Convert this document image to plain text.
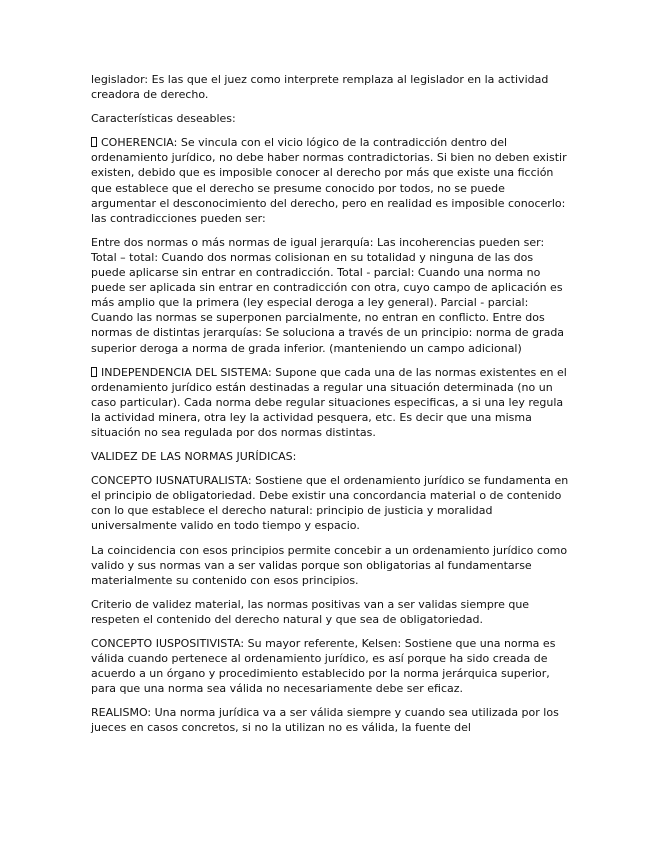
legislador: Es las que el juez como interprete remplaza al legislador en la actividad creadora de derecho.

Características deseables:

COHERENCIA: Se vincula con el vicio lógico de la contradicción dentro del ordenamiento jurídico, no debe haber normas contradictorias. Si bien no deben existir existen, debido que es imposible conocer al derecho por más que existe una ficción que establece que el derecho se presume conocido por todos, no se puede argumentar el desconocimiento del derecho, pero en realidad es imposible conocerlo: las contradicciones pueden ser:

Entre dos normas o más normas de igual jerarquía: Las incoherencias pueden ser: Total – total: Cuando dos normas colisionan en su totalidad y ninguna de las dos puede aplicarse sin entrar en contradicción. Total - parcial: Cuando una norma no puede ser aplicada sin entrar en contradicción con otra, cuyo campo de aplicación es más amplio que la primera (ley especial deroga a ley general). Parcial - parcial: Cuando las normas se superponen parcialmente, no entran en conflicto. Entre dos normas de distintas jerarquías: Se soluciona a través de un principio: norma de grada superior deroga a norma de grada inferior. (manteniendo un campo adicional)

INDEPENDENCIA DEL SISTEMA: Supone que cada una de las normas existentes en el ordenamiento jurídico están destinadas a regular una situación determinada (no un caso particular). Cada norma debe regular situaciones especificas, a si una ley regula la actividad minera, otra ley la actividad pesquera, etc. Es decir que una misma situación no sea regulada por dos normas distintas.

VALIDEZ DE LAS NORMAS JURÍDICAS:

CONCEPTO IUSNATURALISTA: Sostiene que el ordenamiento jurídico se fundamenta en el principio de obligatoriedad. Debe existir una concordancia material o de contenido con lo que establece el derecho natural: principio de justicia y moralidad universalmente valido en todo tiempo y espacio.

La coincidencia con esos principios permite concebir a un ordenamiento jurídico como valido y sus normas van a ser validas porque son obligatorias al fundamentarse materialmente su contenido con esos principios.

Criterio de validez material, las normas positivas van a ser validas siempre que respeten el contenido del derecho natural y que sea de obligatoriedad.

CONCEPTO IUSPOSITIVISTA: Su mayor referente, Kelsen: Sostiene que una norma es válida cuando pertenece al ordenamiento jurídico, es así porque ha sido creada de acuerdo a un órgano y procedimiento establecido por la norma jerárquica superior, para que una norma sea válida no necesariamente debe ser eficaz.

REALISMO: Una norma jurídica va a ser válida siempre y cuando sea utilizada por los jueces en casos concretos, si no la utilizan no es válida, la fuente del
